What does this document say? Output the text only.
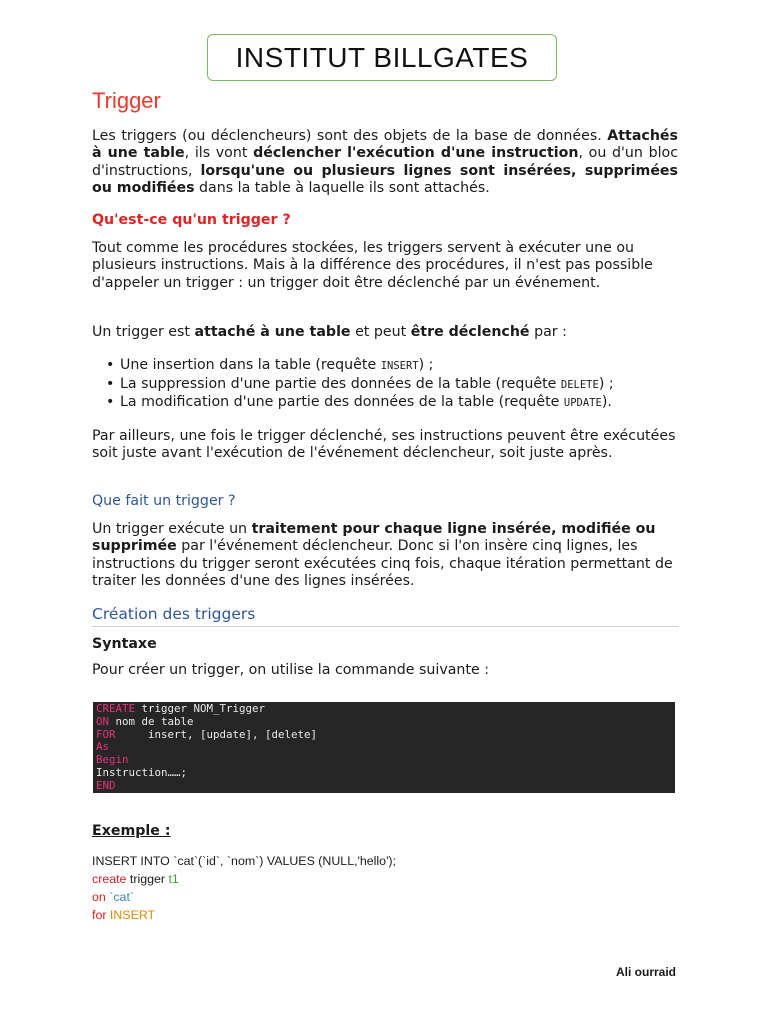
INSTITUT BILLGATES
Trigger
Les triggers (ou déclencheurs) sont des objets de la base de données. Attachés à une table, ils vont déclencher l'exécution d'une instruction, ou d'un bloc d'instructions, lorsqu'une ou plusieurs lignes sont insérées, supprimées ou modifiées dans la table à laquelle ils sont attachés.
Qu'est-ce qu'un trigger ?
Tout comme les procédures stockées, les triggers servent à exécuter une ou plusieurs instructions. Mais à la différence des procédures, il n'est pas possible d'appeler un trigger : un trigger doit être déclenché par un événement.
Un trigger est attaché à une table et peut être déclenché par :
• Une insertion dans la table (requête INSERT) ;
• La suppression d'une partie des données de la table (requête DELETE) ;
• La modification d'une partie des données de la table (requête UPDATE).
Par ailleurs, une fois le trigger déclenché, ses instructions peuvent être exécutées soit juste avant l'exécution de l'événement déclencheur, soit juste après.
Que fait un trigger ?
Un trigger exécute un traitement pour chaque ligne insérée, modifiée ou supprimée par l'événement déclencheur. Donc si l'on insère cinq lignes, les instructions du trigger seront exécutées cinq fois, chaque itération permettant de traiter les données d'une des lignes insérées.
Création des triggers
Syntaxe
Pour créer un trigger, on utilise la commande suivante :
CREATE trigger NOM_Trigger
ON nom de table
FOR     insert, [update], [delete]
As
Begin
Instruction……;
END
Exemple :
INSERT INTO `cat`(`id`, `nom`) VALUES (NULL,'hello');
create trigger t1
on `cat`
for INSERT
Ali ourraid
